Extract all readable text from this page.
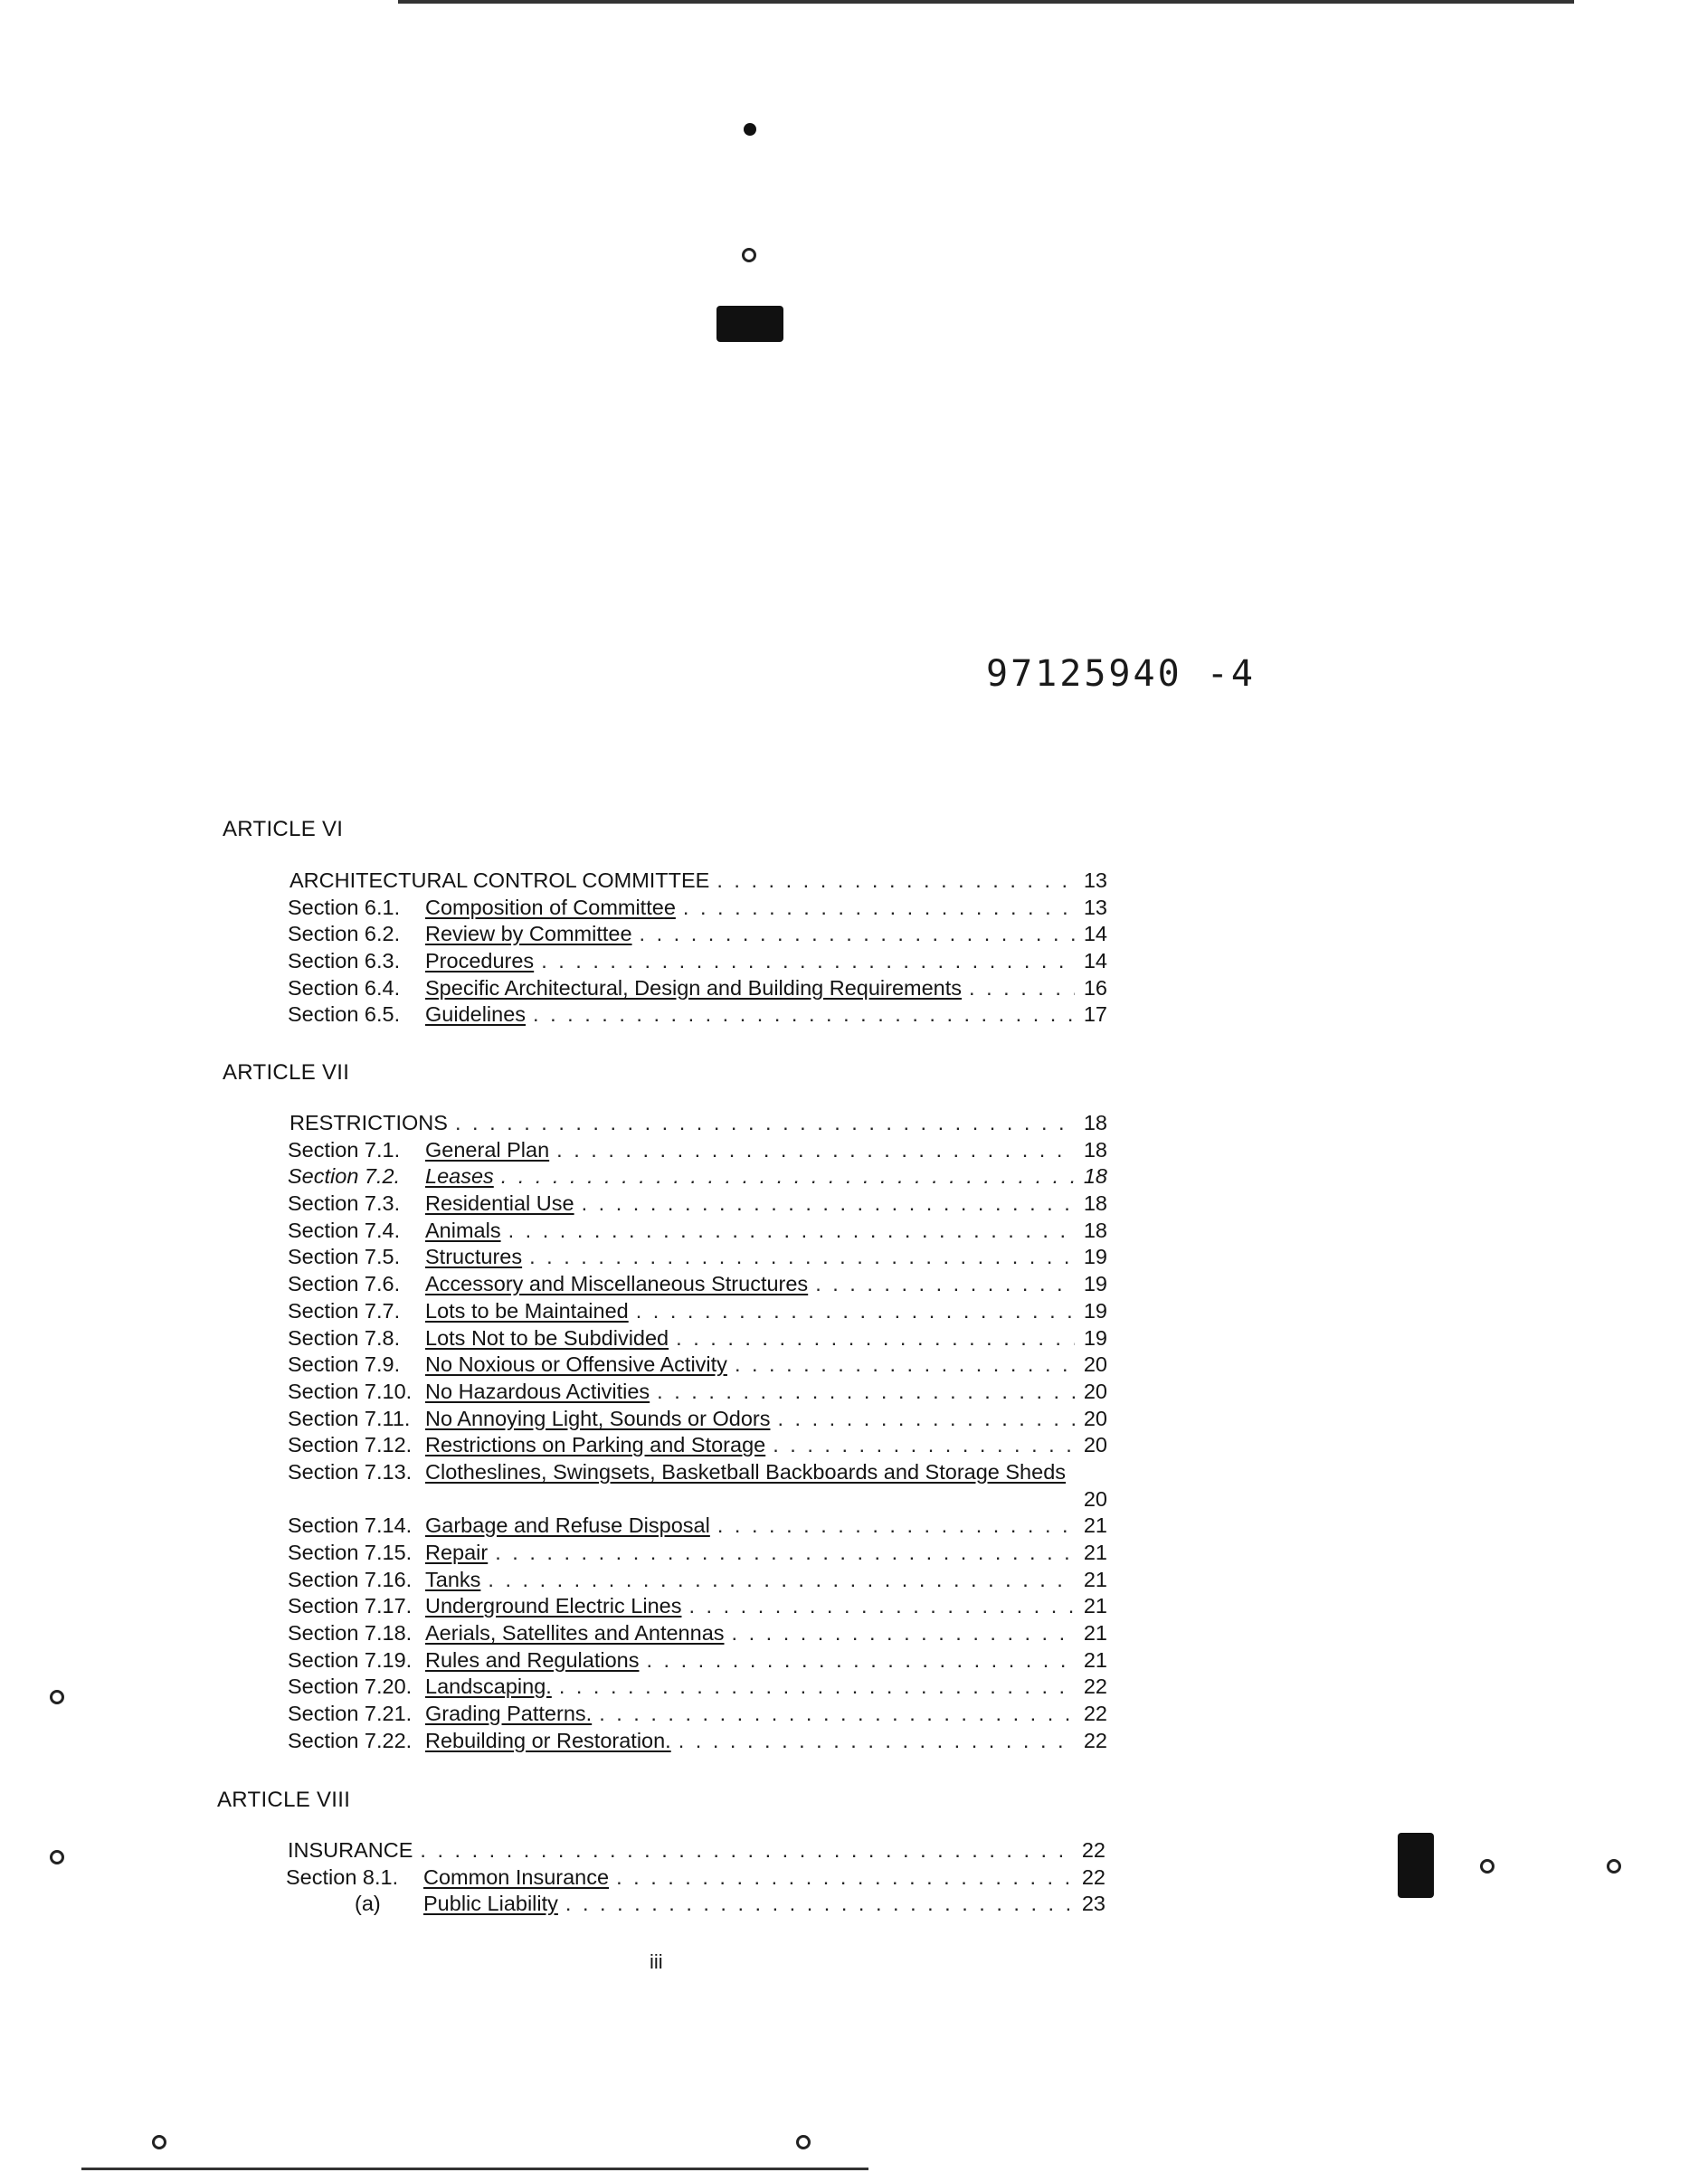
97125940 -4
ARTICLE VI
ARCHITECTURAL CONTROL COMMITTEE . . .	13
Section 6.1.	Composition of Committee . . .	13
Section 6.2.	Review by Committee . . .	14
Section 6.3.	Procedures . . .	14
Section 6.4.	Specific Architectural, Design and Building Requirements . . .	16
Section 6.5.	Guidelines . . .	17
ARTICLE VII
RESTRICTIONS . . .	18
Section 7.1.	General Plan . . .	18
Section 7.2.	Leases . . .	18
Section 7.3.	Residential Use . . .	18
Section 7.4.	Animals . . .	18
Section 7.5.	Structures . . .	19
Section 7.6.	Accessory and Miscellaneous Structures . . .	19
Section 7.7.	Lots to be Maintained . . .	19
Section 7.8.	Lots Not to be Subdivided . . .	19
Section 7.9.	No Noxious or Offensive Activity . . .	20
Section 7.10. No Hazardous Activities . . .	20
Section 7.11. No Annoying Light, Sounds or Odors . . .	20
Section 7.12. Restrictions on Parking and Storage . . .	20
Section 7.13. Clotheslines, Swingsets, Basketball Backboards and Storage Sheds
20
Section 7.14. Garbage and Refuse Disposal . . .	21
Section 7.15. Repair . . .	21
Section 7.16. Tanks . . .	21
Section 7.17. Underground Electric Lines . . .	21
Section 7.18. Aerials, Satellites and Antennas . . .	21
Section 7.19. Rules and Regulations . . .	21
Section 7.20. Landscaping. . . .	22
Section 7.21. Grading Patterns. . . .	22
Section 7.22. Rebuilding or Restoration. . . .	22
ARTICLE VIII
INSURANCE . . .	22
Section 8.1.	Common Insurance . . .	22
(a)	Public Liability . . .	23
iii
